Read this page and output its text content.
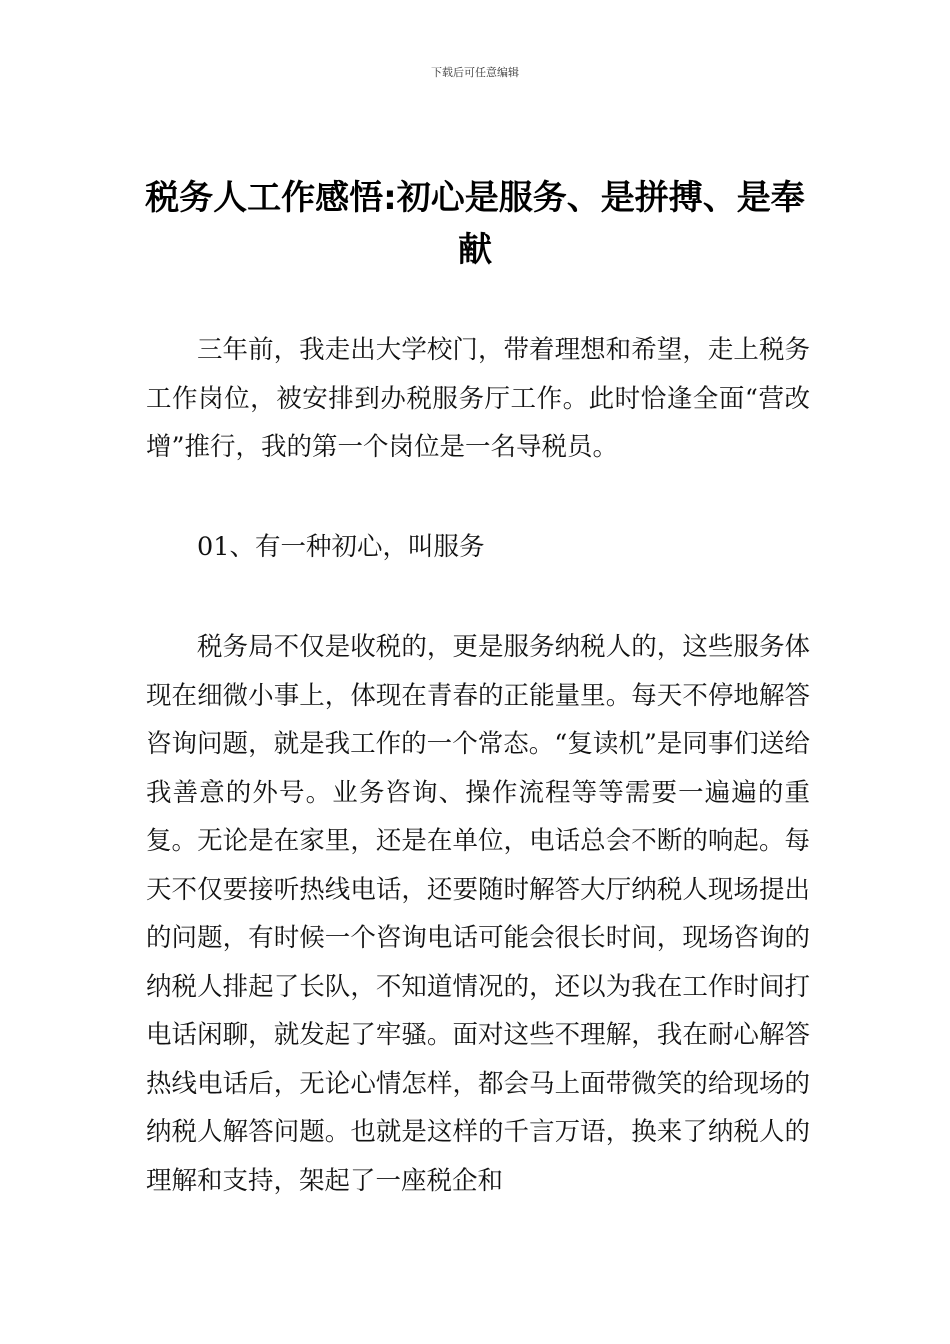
下载后可任意编辑
税务人工作感悟:初心是服务、是拼搏、是奉献

三年前，我走出大学校门，带着理想和希望，走上税务工作岗位，被安排到办税服务厅工作。此时恰逢全面“营改增”推行，我的第一个岗位是一名导税员。

01、有一种初心，叫服务

税务局不仅是收税的，更是服务纳税人的，这些服务体现在细微小事上，体现在青春的正能量里。每天不停地解答咨询问题，就是我工作的一个常态。“复读机”是同事们送给我善意的外号。业务咨询、操作流程等等需要一遍遍的重复。无论是在家里，还是在单位，电话总会不断的响起。每天不仅要接听热线电话，还要随时解答大厅纳税人现场提出的问题，有时候一个咨询电话可能会很长时间，现场咨询的纳税人排起了长队，不知道情况的，还以为我在工作时间打电话闲聊，就发起了牢骚。面对这些不理解，我在耐心解答热线电话后，无论心情怎样，都会马上面带微笑的给现场的纳税人解答问题。也就是这样的千言万语，换来了纳税人的理解和支持，架起了一座税企和
